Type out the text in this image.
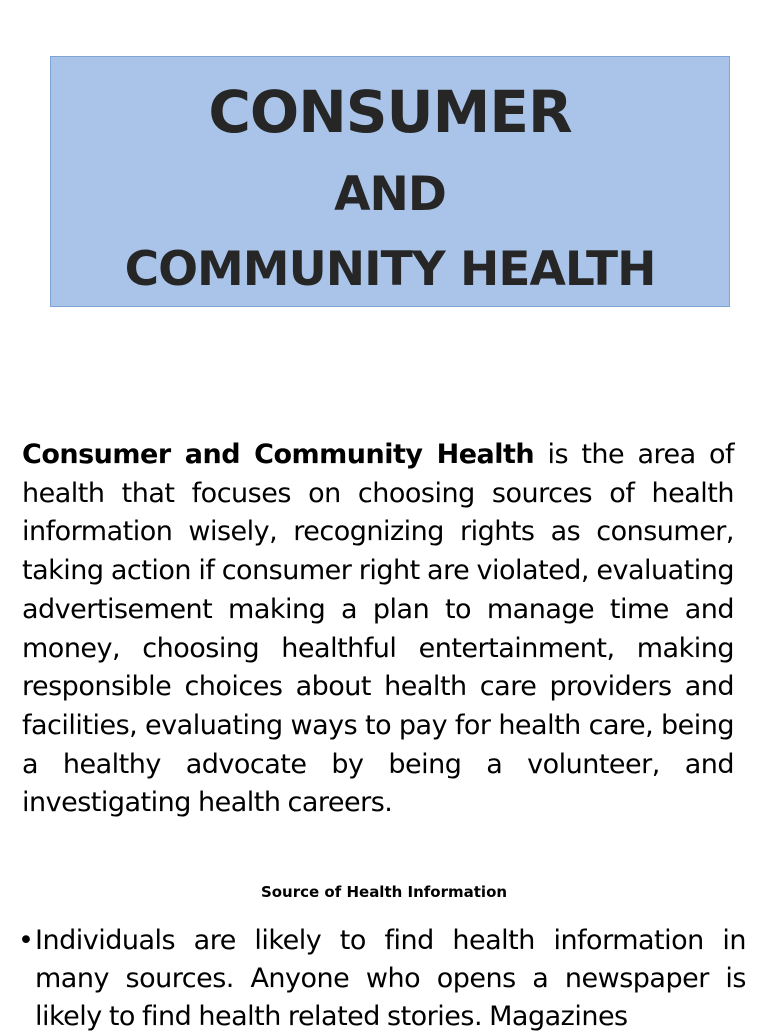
CONSUMER
AND
COMMUNITY HEALTH

Consumer and Community Health is the area of health that focuses on choosing sources of health information wisely, recognizing rights as consumer, taking action if consumer right are violated, evaluating advertisement making a plan to manage time and money, choosing healthful entertainment, making responsible choices about health care providers and facilities, evaluating ways to pay for health care, being a healthy advocate by being a volunteer, and investigating health careers.

Source of Health Information
• Individuals are likely to find health information in many sources. Anyone who opens a newspaper is likely to find health related stories. Magazines
